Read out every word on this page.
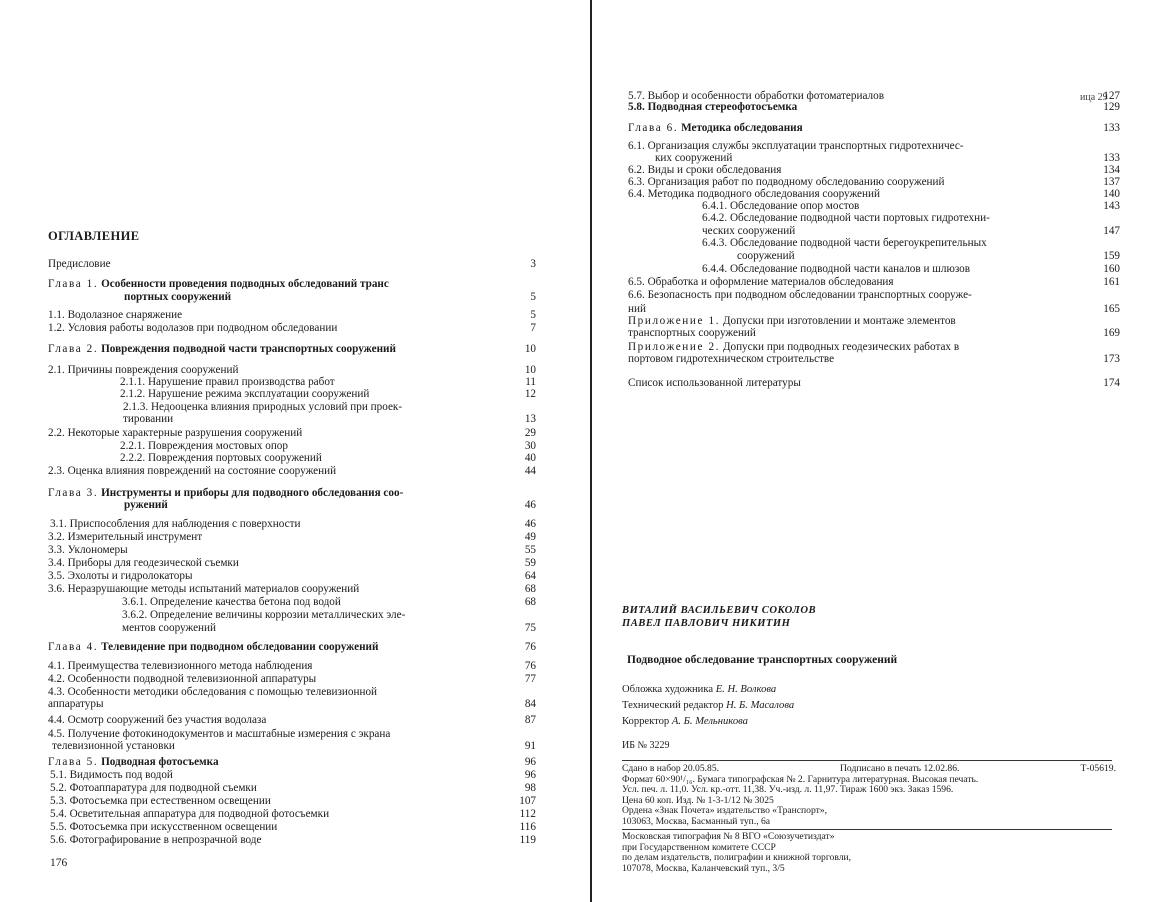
ОГЛАВЛЕНИЕ
Предисловие	3
Глава 1. Особенности проведения подводных обследований транс
портных сооружений	5
1.1. Водолазное снаряжение	5
1.2. Условия работы водолазов при подводном обследовании	7
Глава 2. Повреждения подводной части транспортных сооружений	10
2.1. Причины повреждения сооружений	10
2.1.1. Нарушение правил производства работ	11
2.1.2. Нарушение режима эксплуатации сооружений	12
2.1.3. Недооценка влияния природных условий при проек-
тировании	13
2.2. Некоторые характерные разрушения сооружений	29
2.2.1. Повреждения мостовых опор	30
2.2.2. Повреждения портовых сооружений	40
2.3. Оценка влияния повреждений на состояние сооружений	44
Глава 3. Инструменты и приборы для подводного обследования соо-
ружений	46
3.1. Приспособления для наблюдения с поверхности	46
3.2. Измерительный инструмент	49
3.3. Уклономеры	55
3.4. Приборы для геодезической съемки	59
3.5. Эхолоты и гидролокаторы	64
3.6. Неразрушающие методы испытаний материалов сооружений	68
3.6.1. Определение качества бетона под водой	68
3.6.2. Определение величины коррозии металлических эле-
ментов сооружений	75
Глава 4. Телевидение при подводном обследовании сооружений	76
4.1. Преимущества телевизионного метода наблюдения	76
4.2. Особенности подводной телевизионной аппаратуры	77
4.3. Особенности методики обследования с помощью телевизионной
аппаратуры	84
4.4. Осмотр сооружений без участия водолаза	87
4.5. Получение фотокинодокументов и масштабные измерения с экрана
телевизионной установки	91
Глава 5. Подводная фотосъемка	96
5.1. Видимость под водой	96
5.2. Фотоаппаратура для подводной съемки	98
5.3. Фотосъемка при естественном освещении	107
5.4. Осветительная аппаратура для подводной фотосъемки	112
5.5. Фотосъемка при искусственном освещении	116
5.6. Фотографирование в непрозрачной воде	119
176
ица 29
5.7. Выбор и особенности обработки фотоматериалов	127
5.8. Подводная стереофотосъемка	129
Глава 6. Методика обследования	133
6.1. Организация службы эксплуатации транспортных гидротехничес-
ких сооружений	133
6.2. Виды и сроки обследования	134
6.3. Организация работ по подводному обследованию сооружений	137
6.4. Методика подводного обследования сооружений	140
6.4.1. Обследование опор мостов	143
6.4.2. Обследование подводной части портовых гидротехни-
ческих сооружений	147
6.4.3. Обследование подводной части берегоукрепительных
сооружений	159
6.4.4. Обследование подводной части каналов и шлюзов	160
6.5. Обработка и оформление материалов обследования	161
6.6. Безопасность при подводном обследовании транспортных сооруже-
ний	165
Приложение 1. Допуски при изготовлении и монтаже элементов
транспортных сооружений	169
Приложение 2. Допуски при подводных геодезических работах в
портовом гидротехническом строительстве	173
Список использованной литературы	174
ВИТАЛИЙ ВАСИЛЬЕВИЧ СОКОЛОВ
ПАВЕЛ ПАВЛОВИЧ НИКИТИН
Подводное обследование транспортных сооружений
Обложка художника Е. Н. Волкова
Технический редактор Н. Б. Масалова
Корректор А. Б. Мельникова
ИБ № 3229
Сдано в набор 20.05.85.	Подписано в печать 12.02.86.	Т-05619.
Формат 60×90¹/₁₆. Бумага типографская № 2. Гарнитура литературная. Высокая печать.
Усл. печ. л. 11,0. Усл. кр.-отт. 11,38. Уч.-изд. л. 11,97. Тираж 1600 экз. Заказ 1596.
Цена 60 коп. Изд. № 1-3-1/12 № 3025
Ордена «Знак Почета» издательство «Транспорт»,
103063, Москва, Басманный туп., 6а
Московская типография № 8 ВГО «Союзучетиздат»
при Государственном комитете СССР
по делам издательств, полиграфии и книжной торговли,
107078, Москва, Каланчевский туп., 3/5
